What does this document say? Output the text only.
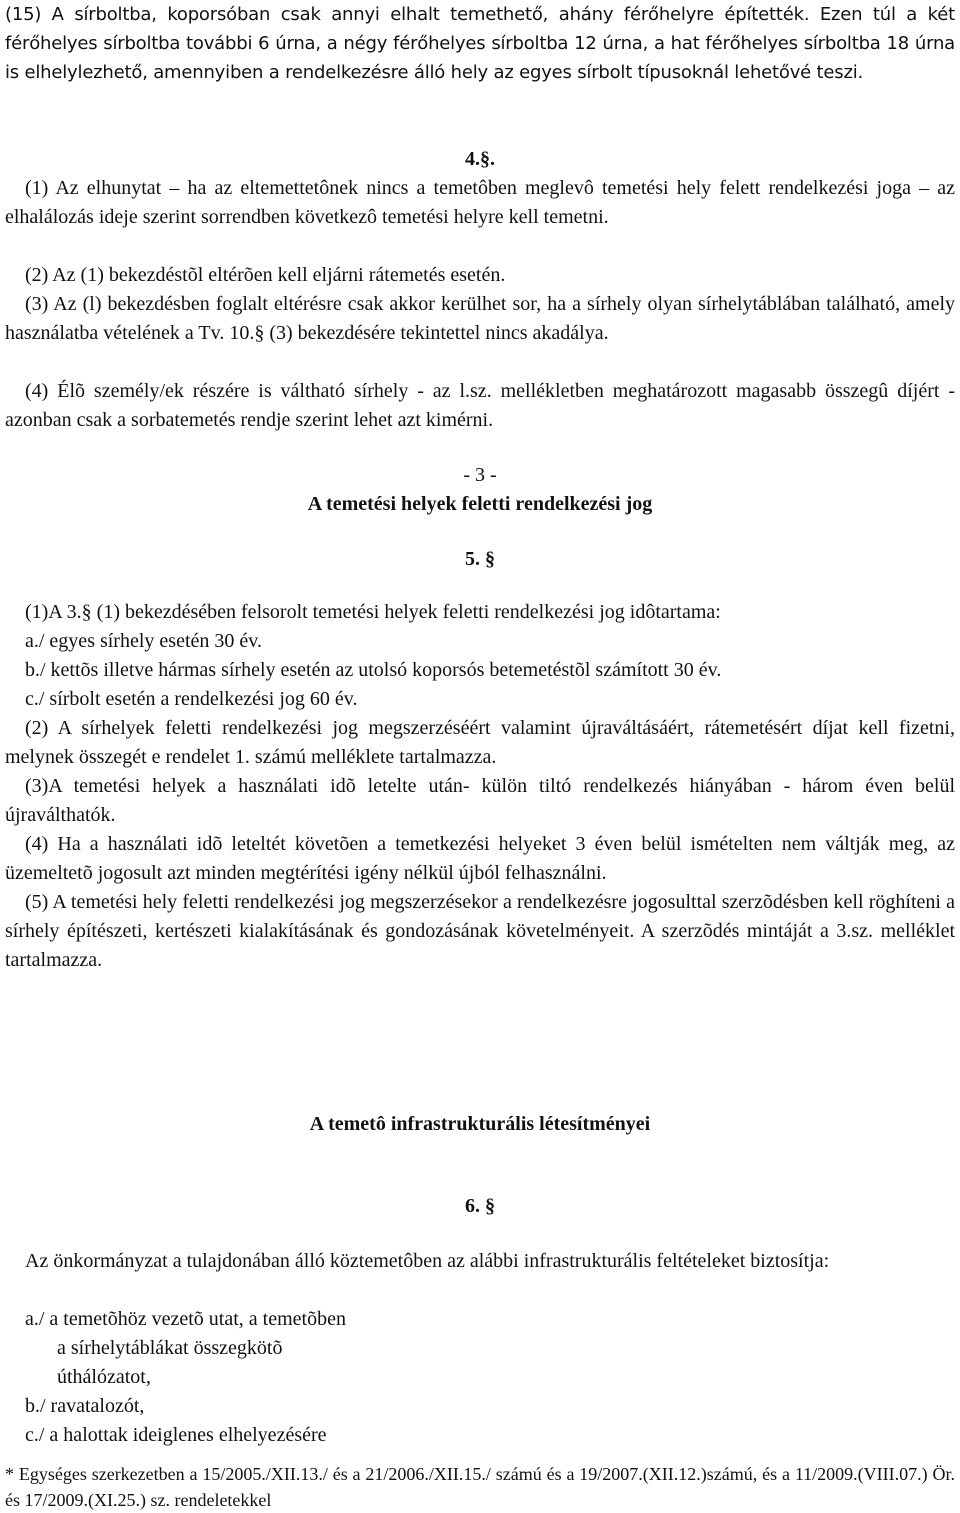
(15) A sírboltba, koporsóban csak annyi elhalt temethető, ahány férőhelyre építették. Ezen túl a két férőhelyes sírboltba további 6 úrna, a négy férőhelyes sírboltba 12 úrna, a hat férőhelyes sírboltba 18 úrna is elhelylezhető, amennyiben a rendelkezésre álló hely az egyes sírbolt típusoknál lehetővé teszi.
4.§.
(1) Az elhunytat – ha az eltemettetônek nincs a temetôben meglevô temetési hely felett rendelkezési joga – az elhalálozás ideje szerint sorrendben következô temetési helyre kell temetni.
(2) Az (1) bekezdéstõl eltérõen kell eljárni rátemetés esetén.
(3) Az (l) bekezdésben foglalt eltérésre csak akkor kerülhet sor, ha a sírhely olyan sírhelytáblában található, amely használatba vételének a Tv. 10.§ (3) bekezdésére tekintettel nincs akadálya.
(4) Élõ személy/ek részére is váltható sírhely - az l.sz. mellékletben meghatározott magasabb összegû díjért - azonban csak a sorbatemetés rendje szerint lehet azt kimérni.
- 3 -
A temetési helyek feletti rendelkezési jog
5. §
(1)A 3.§ (1) bekezdésében felsorolt temetési helyek feletti rendelkezési jog idôtartama:
a./ egyes sírhely esetén 30 év.
b./ kettõs illetve hármas sírhely esetén az utolsó koporsós betemetéstõl számított 30 év.
c./ sírbolt esetén a rendelkezési jog 60 év.
(2) A sírhelyek feletti rendelkezési jog megszerzéséért valamint újraváltásáért, rátemetésért díjat kell fizetni, melynek összegét e rendelet 1. számú melléklete tartalmazza.
(3)A temetési helyek a használati idõ letelte után- külön tiltó rendelkezés hiányában - három éven belül újraválthatók.
(4) Ha a használati idõ leteltét követõen a temetkezési helyeket 3 éven belül ismételten nem váltják meg, az üzemeltetõ jogosult azt minden megtérítési igény nélkül újból felhasználni.
(5) A temetési hely feletti rendelkezési jog megszerzésekor a rendelkezésre jogosulttal szerzõdésben kell röghíteni a sírhely építészeti, kertészeti kialakításának és gondozásának követelményeit. A szerzõdés mintáját a 3.sz. melléklet tartalmazza.
A temetô infrastrukturális létesítményei
6. §
Az önkormányzat a tulajdonában álló köztemetôben az alábbi infrastrukturális feltételeket biztosítja:
a./ a temetõhöz vezetõ utat, a temetõben
a sírhelytáblákat összegkötõ
úthálózatot,
b./ ravatalozót,
c./ a halottak ideiglenes elhelyezésére
* Egységes szerkezetben a 15/2005./XII.13./ és a 21/2006./XII.15./ számú és a 19/2007.(XII.12.)számú, és a 11/2009.(VIII.07.) Ör. és 17/2009.(XI.25.) sz. rendeletekkel
